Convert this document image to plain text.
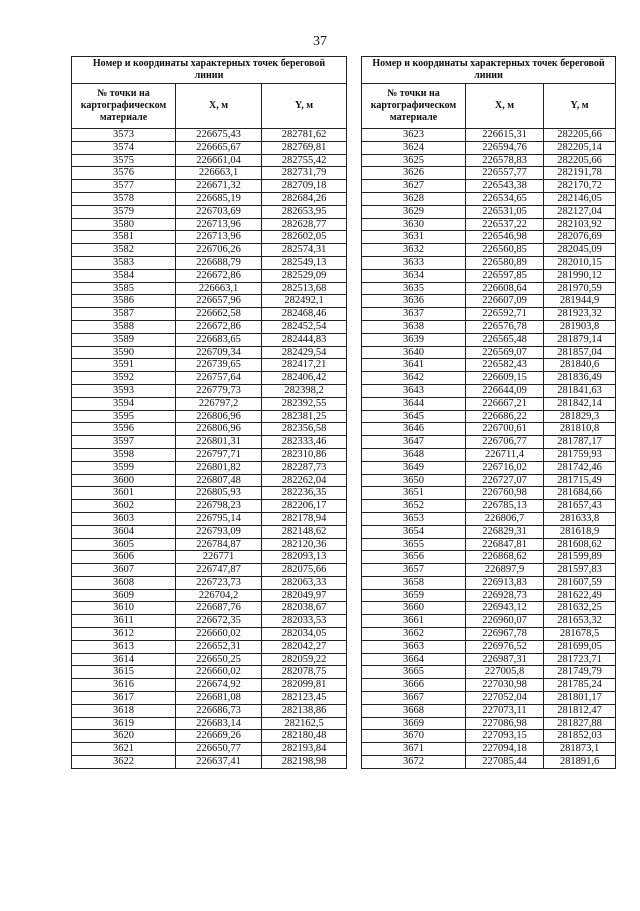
37
Номер и координаты характерных точек береговой линии		
№ точки на картографическом материале	X, м	Y, м
3573	226675,43	282781,62
3574	226665,67	282769,81
3575	226661,04	282755,42
3576	226663,1	282731,79
3577	226671,32	282709,18
3578	226685,19	282684,26
3579	226703,69	282653,95
3580	226713,96	282628,77
3581	226713,96	282602,05
3582	226706,26	282574,31
3583	226688,79	282549,13
3584	226672,86	282529,09
3585	226663,1	282513,68
3586	226657,96	282492,1
3587	226662,58	282468,46
3588	226672,86	282452,54
3589	226683,65	282444,83
3590	226709,34	282429,54
3591	226739,65	282417,21
3592	226757,64	282406,42
3593	226779,73	282398,2
3594	226797,2	282392,55
3595	226806,96	282381,25
3596	226806,96	282356,58
3597	226801,31	282333,46
3598	226797,71	282310,86
3599	226801,82	282287,73
3600	226807,48	282262,04
3601	226805,93	282236,35
3602	226798,23	282206,17
3603	226795,14	282178,94
3604	226793,09	282148,62
3605	226784,87	282120,36
3606	226771	282093,13
3607	226747,87	282075,66
3608	226723,73	282063,33
3609	226704,2	282049,97
3610	226687,76	282038,67
3611	226672,35	282033,53
3612	226660,02	282034,05
3613	226652,31	282042,27
3614	226650,25	282059,22
3615	226660,02	282078,75
3616	226674,92	282099,81
3617	226681,08	282123,45
3618	226686,73	282138,86
3619	226683,14	282162,5
3620	226669,26	282180,48
3621	226650,77	282193,84
3622	226637,41	282198,98
Номер и координаты характерных точек береговой линии		
№ точки на картографическом материале	X, м	Y, м
3623	226615,31	282205,66
3624	226594,76	282205,14
3625	226578,83	282205,66
3626	226557,77	282191,78
3627	226543,38	282170,72
3628	226534,65	282146,05
3629	226531,05	282127,04
3630	226537,22	282103,92
3631	226546,98	282076,69
3632	226560,85	282045,09
3633	226580,89	282010,15
3634	226597,85	281990,12
3635	226608,64	281970,59
3636	226607,09	281944,9
3637	226592,71	281923,32
3638	226576,78	281903,8
3639	226565,48	281879,14
3640	226569,07	281857,04
3641	226582,43	281840,6
3642	226609,15	281836,49
3643	226644,09	281841,63
3644	226667,21	281842,14
3645	226686,22	281829,3
3646	226700,61	281810,8
3647	226706,77	281787,17
3648	226711,4	281759,93
3649	226716,02	281742,46
3650	226727,07	281715,49
3651	226760,98	281684,66
3652	226785,13	281657,43
3653	226806,7	281633,8
3654	226829,31	281618,9
3655	226847,81	281608,62
3656	226868,62	281599,89
3657	226897,9	281597,83
3658	226913,83	281607,59
3659	226928,73	281622,49
3660	226943,12	281632,25
3661	226960,07	281653,32
3662	226967,78	281678,5
3663	226976,52	281699,05
3664	226987,31	281723,71
3665	227005,8	281749,79
3666	227030,98	281785,24
3667	227052,04	281801,17
3668	227073,11	281812,47
3669	227086,98	281827,88
3670	227093,15	281852,03
3671	227094,18	281873,1
3672	227085,44	281891,6
